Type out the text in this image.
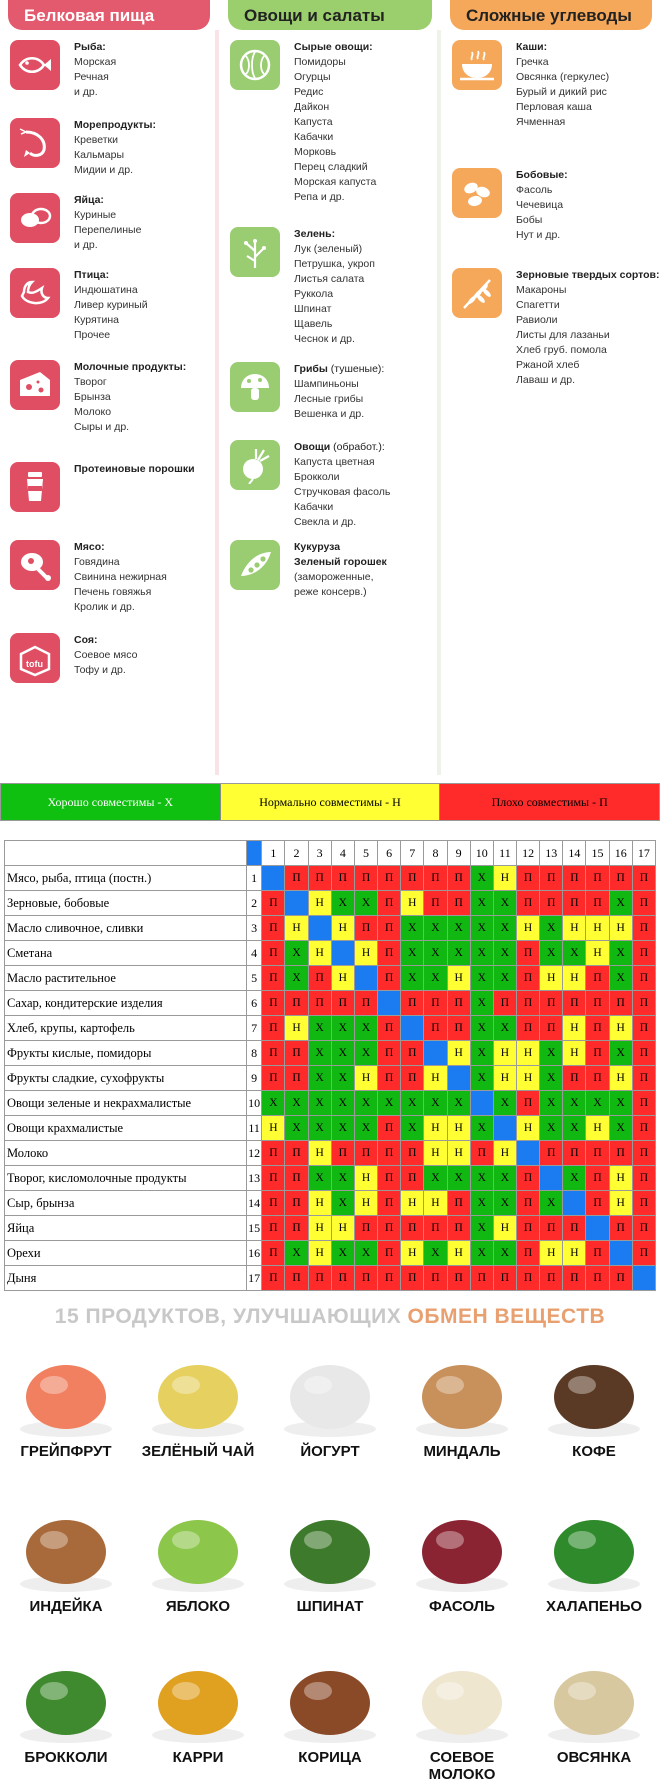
Белковая пища
Рыба:
Морская
Речная
и др.
Морепродукты:
Креветки
Кальмары
Мидии и др.
Яйца:
Куриные
Перепелиные
и др.
Птица:
Индюшатина
Ливер куриный
Курятина
Прочее
Молочные продукты:
Творог
Брынза
Молоко
Сыры и др.
Протеиновые порошки
Мясо:
Говядина
Свинина нежирная
Печень говяжья
Кролик и др.
tofu
Соя:
Соевое мясо
Тофу и др.
Овощи и салаты
Сырые овощи:
Помидоры
Огурцы
Редис
Дайкон
Капуста
Кабачки
Морковь
Перец сладкий
Морская капуста
Репа и др.
Зелень:
Лук (зеленый)
Петрушка, укроп
Листья салата
Руккола
Шпинат
Щавель
Чеснок и др.
Грибы (тушеные):
Шампиньоны
Лесные грибы
Вешенка и др.
Овощи (обработ.):
Капуста цветная
Брокколи
Стручковая фасоль
Кабачки
Свекла и др.
Кукуруза
Зеленый горошек
(замороженные,
реже консерв.)
Сложные углеводы
Каши:
Гречка
Овсянка (геркулес)
Бурый и дикий рис
Перловая каша
Ячменная
Бобовые:
Фасоль
Чечевица
Бобы
Нут и др.
Зерновые твердых сортов:
Макароны
Спагетти
Равиоли
Листы для лазаньи
Хлеб груб. помола
Ржаной хлеб
Лаваш и др.
Хорошо совместимы - Х	Нормально совместимы - Н	Плохо совместимы - П
		1	2	3	4	5	6	7	8	9	10	11	12	13	14	15	16	17
Мясо, рыба, птица (постн.)	1		П	П	П	П	П	П	П	П	Х	Н	П	П	П	П	П	П
Зерновые, бобовые	2	П		Н	Х	Х	П	Н	П	П	Х	Х	П	П	П	П	Х	П
Масло сливочное, сливки	3	П	Н		Н	П	П	Х	Х	Х	Х	Х	Н	Х	Н	Н	Н	П
Сметана	4	П	Х	Н		Н	П	Х	Х	Х	Х	Х	П	Х	Х	Н	Х	П
Масло растительное	5	П	Х	П	Н		П	Х	Х	Н	Х	Х	П	Н	Н	П	Х	П
Сахар, кондитерские изделия	6	П	П	П	П	П		П	П	П	Х	П	П	П	П	П	П	П
Хлеб, крупы, картофель	7	П	Н	Х	Х	Х	П		П	П	Х	Х	П	П	Н	П	Н	П
Фрукты кислые, помидоры	8	П	П	Х	Х	Х	П	П		Н	Х	Н	Н	Х	Н	П	Х	П
Фрукты сладкие, сухофрукты	9	П	П	Х	Х	Н	П	П	Н		Х	Н	Н	Х	П	П	Н	П
Овощи зеленые и некрахмалистые	10	Х	Х	Х	Х	Х	Х	Х	Х	Х		Х	П	Х	Х	Х	Х	П
Овощи крахмалистые	11	Н	Х	Х	Х	Х	П	Х	Н	Н	Х		Н	Х	Х	Н	Х	П
Молоко	12	П	П	Н	П	П	П	П	Н	Н	П	Н		П	П	П	П	П
Творог, кисломолочные продукты	13	П	П	Х	Х	Н	П	П	Х	Х	Х	Х	П		Х	П	Н	П
Сыр, брынза	14	П	П	Н	Х	Н	П	Н	Н	П	Х	Х	П	Х		П	Н	П
Яйца	15	П	П	Н	Н	П	П	П	П	П	Х	Н	П	П	П		П	П
Орехи	16	П	Х	Н	Х	Х	П	Н	Х	Н	Х	Х	П	Н	Н	П		П
Дыня	17	П	П	П	П	П	П	П	П	П	П	П	П	П	П	П	П	
15 ПРОДУКТОВ, УЛУЧШАЮЩИХ ОБМЕН ВЕЩЕСТВ
ГРЕЙПФРУТ	ЗЕЛЁНЫЙ ЧАЙ	ЙОГУРТ	МИНДАЛЬ	КОФЕ
ИНДЕЙКА	ЯБЛОКО	ШПИНАТ	ФАСОЛЬ	ХАЛАПЕНЬО
БРОККОЛИ	КАРРИ	КОРИЦА	СОЕВОЕ МОЛОКО
ОВСЯНКА
